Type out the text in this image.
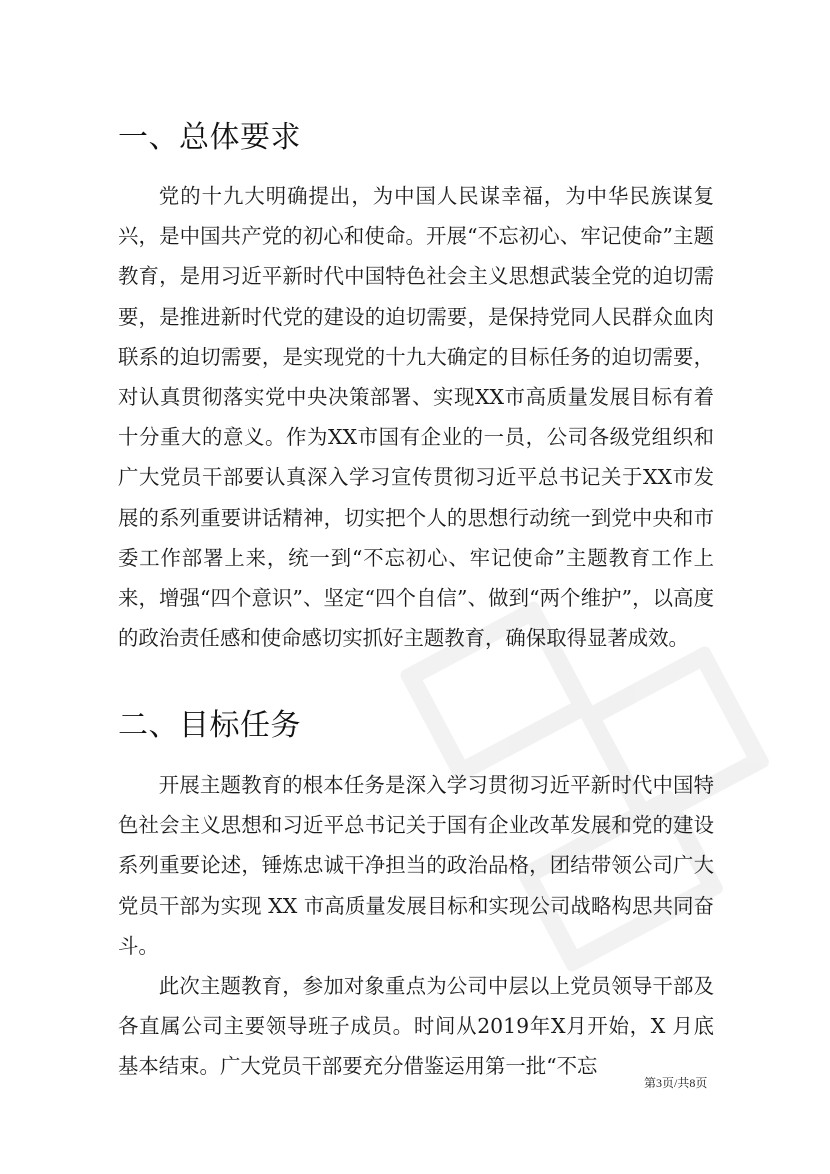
一、总体要求

党的十九大明确提出，为中国人民谋幸福，为中华民族谋复兴，是中国共产党的初心和使命。开展“不忘初心、牢记使命”主题教育，是用习近平新时代中国特色社会主义思想武装全党的迫切需要，是推进新时代党的建设的迫切需要，是保持党同人民群众血肉联系的迫切需要，是实现党的十九大确定的目标任务的迫切需要，对认真贯彻落实党中央决策部署、实现XX市高质量发展目标有着十分重大的意义。作为XX市国有企业的一员，公司各级党组织和广大党员干部要认真深入学习宣传贯彻习近平总书记关于XX市发展的系列重要讲话精神，切实把个人的思想行动统一到党中央和市委工作部署上来，统一到“不忘初心、牢记使命”主题教育工作上来，增强“四个意识”、坚定“四个自信”、做到“两个维护”，以高度的政治责任感和使命感切实抓好主题教育，确保取得显著成效。

二、目标任务

开展主题教育的根本任务是深入学习贯彻习近平新时代中国特色社会主义思想和习近平总书记关于国有企业改革发展和党的建设系列重要论述，锤炼忠诚干净担当的政治品格，团结带领公司广大党员干部为实现 XX 市高质量发展目标和实现公司战略构思共同奋斗。

此次主题教育，参加对象重点为公司中层以上党员领导干部及各直属公司主要领导班子成员。时间从2019年X月开始，X 月底基本结束。广大党员干部要充分借鉴运用第一批“不忘

第3页/共8页
